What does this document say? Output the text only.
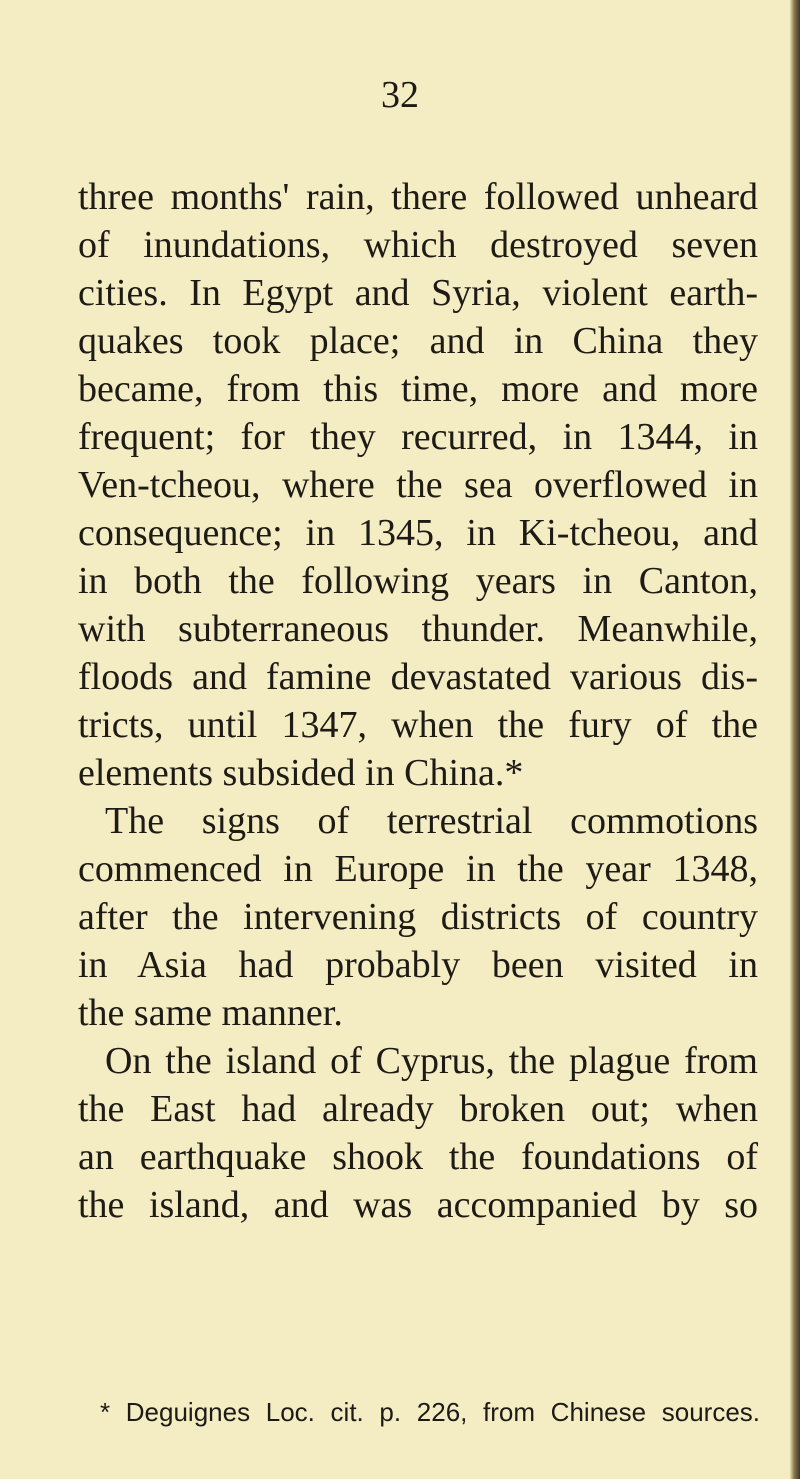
32
three months' rain, there followed unheard
of inundations, which destroyed seven
cities. In Egypt and Syria, violent earth-
quakes took place; and in China they
became, from this time, more and more
frequent; for they recurred, in 1344, in
Ven-tcheou, where the sea overflowed in
consequence; in 1345, in Ki-tcheou, and
in both the following years in Canton,
with subterraneous thunder. Meanwhile,
floods and famine devastated various dis-
tricts, until 1347, when the fury of the
elements subsided in China.*
The signs of terrestrial commotions
commenced in Europe in the year 1348,
after the intervening districts of country
in Asia had probably been visited in
the same manner.
On the island of Cyprus, the plague from
the East had already broken out; when
an earthquake shook the foundations of
the island, and was accompanied by so
* Deguignes Loc. cit. p. 226, from Chinese sources.
